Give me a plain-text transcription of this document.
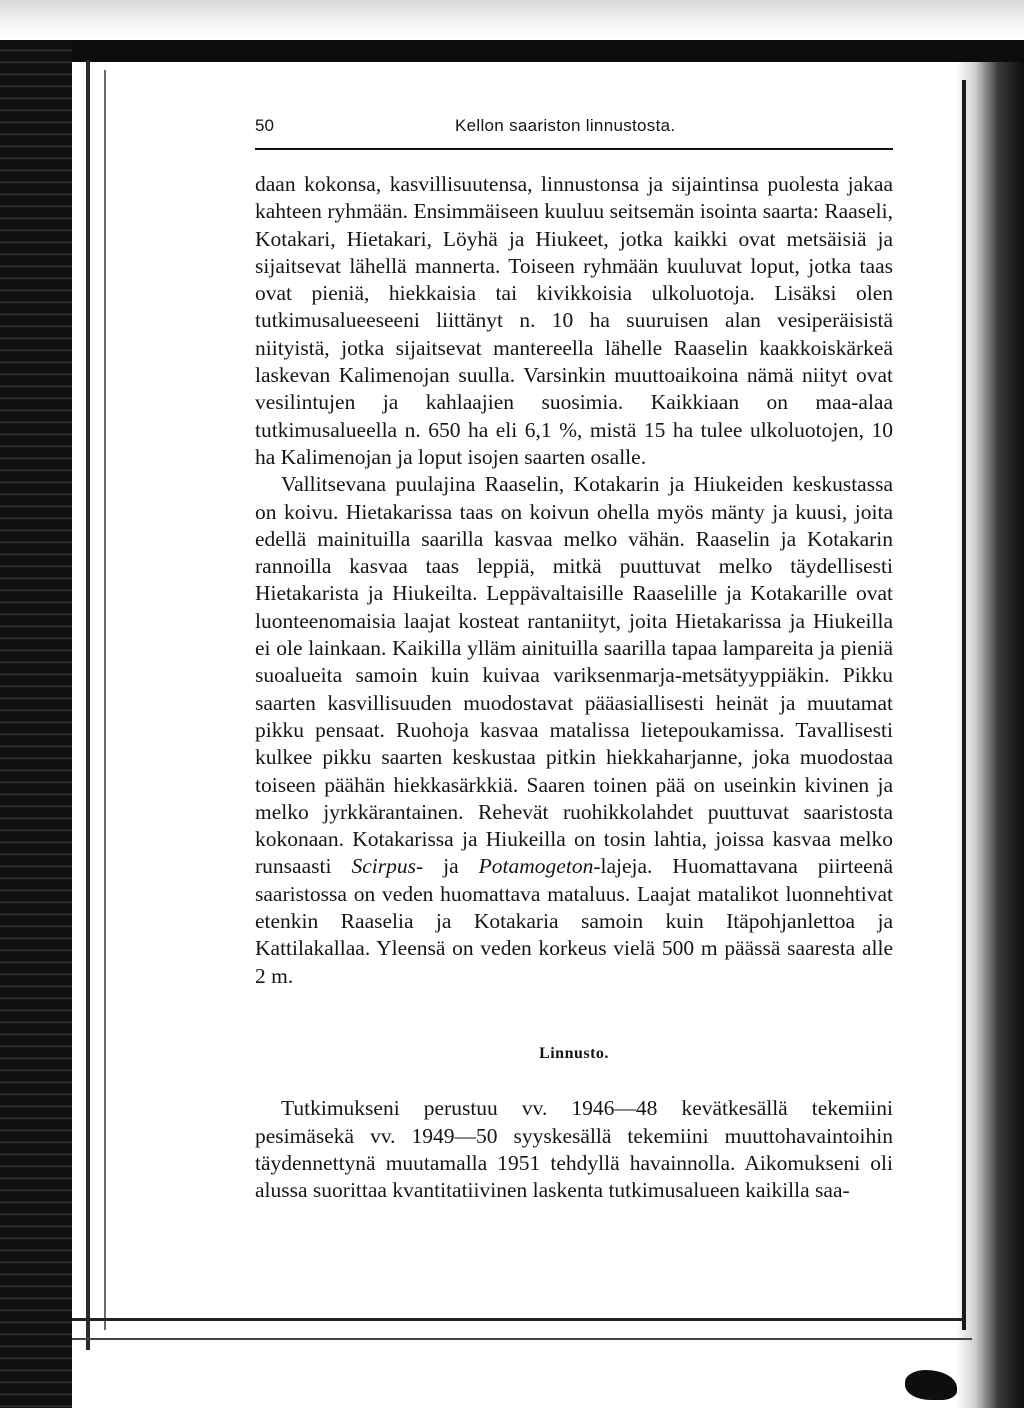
50	Kellon saariston linnustosta.

daan kokonsa, kasvillisuutensa, linnustonsa ja sijaintinsa puolesta jakaa kahteen ryhmään. Ensimmäiseen kuuluu seitsemän isointa saarta: Raaseli, Kotakari, Hietakari, Löyhä ja Hiukeet, jotka kaikki ovat metsäisiä ja sijaitsevat lähellä mannerta. Toiseen ryhmään kuuluvat loput, jotka taas ovat pieniä, hiekkaisia tai kivikkoisia ulkoluotoja. Lisäksi olen tutkimusalueeseeni liittänyt n. 10 ha suuruisen alan vesiperäisistä niityistä, jotka sijaitsevat mantereella lähelle Raaselin kaakkoiskärkeä laskevan Kalimenojan suulla. Varsinkin muuttoaikoina nämä niityt ovat vesilintujen ja kahlaajien suosimia. Kaikkiaan on maa-alaa tutkimusalueella n. 650 ha eli 6,1 %, mistä 15 ha tulee ulkoluotojen, 10 ha Kalimenojan ja loput isojen saarten osalle.

Vallitsevana puulajina Raaselin, Kotakarin ja Hiukeiden keskustassa on koivu. Hietakarissa taas on koivun ohella myös mänty ja kuusi, joita edellä mainituilla saarilla kasvaa melko vähän. Raaselin ja Kotakarin rannoilla kasvaa taas leppiä, mitkä puuttuvat melko täydellisesti Hietakarista ja Hiukeilta. Leppävaltaisille Raaselille ja Kotakarille ovat luonteenomaisia laajat kosteat rantaniityt, joita Hietakarissa ja Hiukeilla ei ole lainkaan. Kaikilla ylläm ainituilla saarilla tapaa lampareita ja pieniä suoalueita samoin kuin kuivaa variksenmarja-metsätyyppiäkin. Pikku saarten kasvillisuuden muodostavat pääasiallisesti heinät ja muutamat pikku pensaat. Ruohoja kasvaa matalissa lietepoukamissa. Tavallisesti kulkee pikku saarten keskustaa pitkin hiekkaharjanne, joka muodostaa toiseen päähän hiekkasärkkiä. Saaren toinen pää on useinkin kivinen ja melko jyrkkärantainen. Rehevät ruohikkolahdet puuttuvat saaristosta kokonaan. Kotakarissa ja Hiukeilla on tosin lahtia, joissa kasvaa melko runsaasti Scirpus- ja Potamogeton-lajeja. Huomattavana piirteenä saaristossa on veden huomattava mataluus. Laajat matalikot luonnehtivat etenkin Raaselia ja Kotakaria samoin kuin Itäpohjanlettoa ja Kattilakallaa. Yleensä on veden korkeus vielä 500 m päässä saaresta alle 2 m.

Linnusto.

Tutkimukseni perustuu vv. 1946—48 kevätkesällä tekemiini pesimäsekä vv. 1949—50 syyskesällä tekemiini muuttohavaintoihin täydennettynä muutamalla 1951 tehdyllä havainnolla. Aikomukseni oli alussa suorittaa kvantitatiivinen laskenta tutkimusalueen kaikilla saa-
